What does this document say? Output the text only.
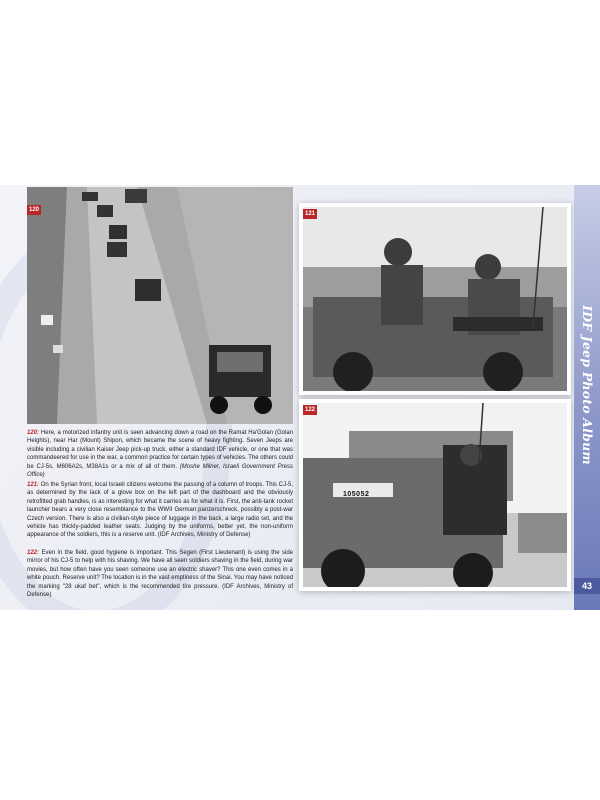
120
121
122
105052
120: Here, a motorized infantry unit is seen advancing down a road on the Ramat Ha'Golan (Golan Heights), near Har (Mount) Shipon, which became the scene of heavy fighting. Seven Jeeps are visible including a civilian Kaiser Jeep pick-up truck, either a standard IDF vehicle, or one that was commandeered for use in the war, a common practice for certain types of vehicles. The others could be CJ-5s, M606A2s, M38A1s or a mix of all of them. (Moshe Milner, Israeli Government Press Office)
121: On the Syrian front, local Israeli citizens welcome the passing of a column of troops. This CJ-5, as determined by the lack of a glove box on the left part of the dashboard and the obviously retrofitted grab handles, is as interesting for what it carries as for what it is. First, the anti-tank rocket launcher bears a very close resemblance to the WWII German panzerschreck, possibly a post-war Czech version. There is also a civilian-style piece of luggage in the back, a large radio set, and the vehicle has thickly-padded leather seats. Judging by the uniforms, better yet, the non-uniform appearance of the soldiers, this is a reserve unit. (IDF Archives, Ministry of Defense)
122: Even in the field, good hygiene is important. This Segen (First Lieutenant) is using the side mirror of his CJ-5 to help with his shaving. We have all seen soldiers shaving in the field, during war movies, but how often have you seen someone use an electric shaver? This one even comes in a white pouch. Reserve unit? The location is in the vast emptiness of the Sinai. You may have noticed the marking "28 ukaf bet", which is the recommended tire pressure. (IDF Archives, Ministry of Defense)
IDF Jeep Photo Album
43
